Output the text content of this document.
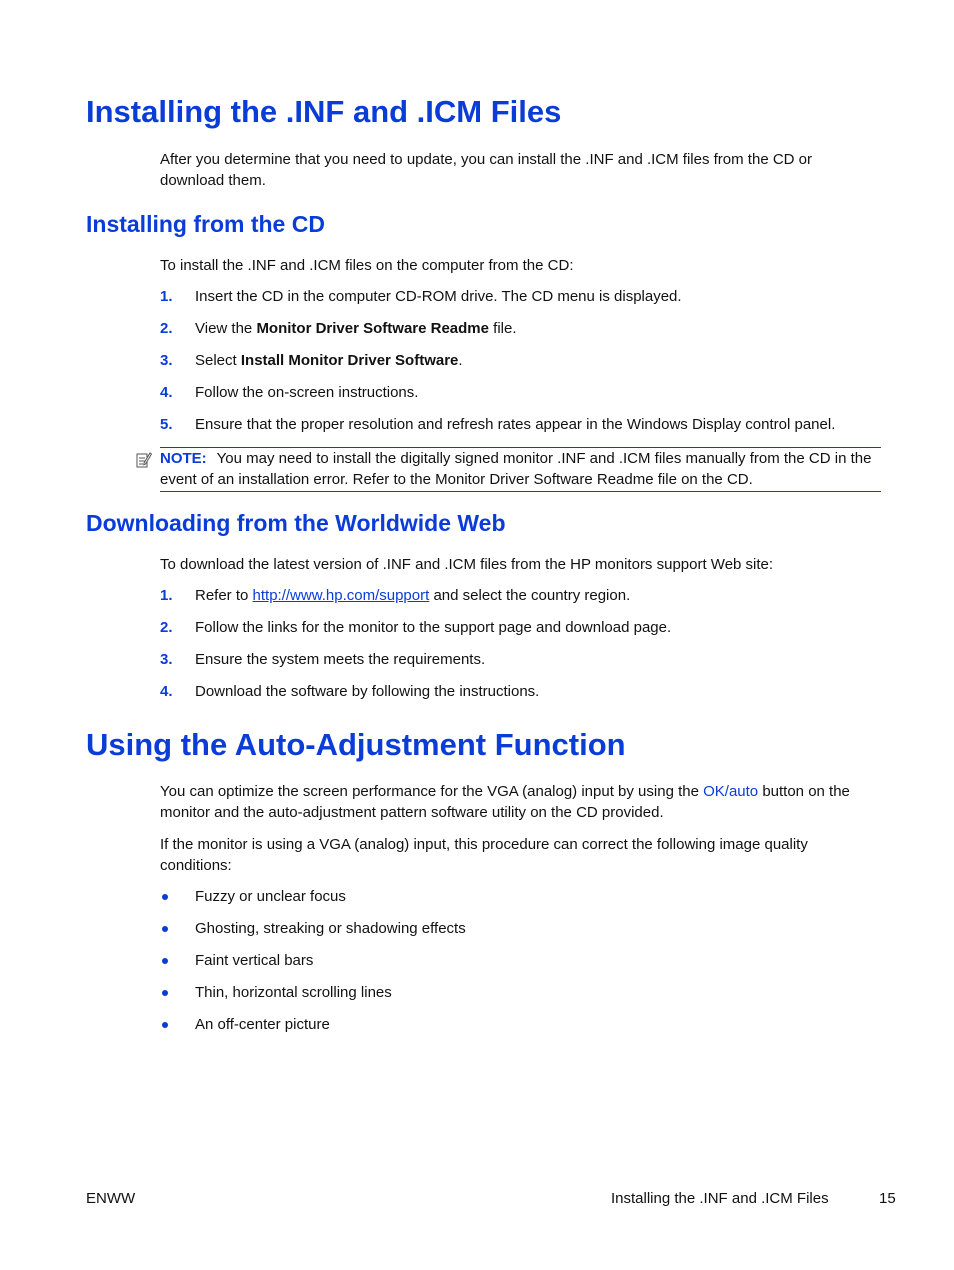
Installing the .INF and .ICM Files

After you determine that you need to update, you can install the .INF and .ICM files from the CD or download them.

Installing from the CD

To install the .INF and .ICM files on the computer from the CD:

1. Insert the CD in the computer CD-ROM drive. The CD menu is displayed.
2. View the Monitor Driver Software Readme file.
3. Select Install Monitor Driver Software.
4. Follow the on-screen instructions.
5. Ensure that the proper resolution and refresh rates appear in the Windows Display control panel.
NOTE: You may need to install the digitally signed monitor .INF and .ICM files manually from the CD in the event of an installation error. Refer to the Monitor Driver Software Readme file on the CD.
Downloading from the Worldwide Web

To download the latest version of .INF and .ICM files from the HP monitors support Web site:

1. Refer to http://www.hp.com/support and select the country region.
2. Follow the links for the monitor to the support page and download page.
3. Ensure the system meets the requirements.
4. Download the software by following the instructions.
Using the Auto-Adjustment Function

You can optimize the screen performance for the VGA (analog) input by using the OK/auto button on the monitor and the auto-adjustment pattern software utility on the CD provided.

If the monitor is using a VGA (analog) input, this procedure can correct the following image quality conditions:

Fuzzy or unclear focus
Ghosting, streaking or shadowing effects
Faint vertical bars
Thin, horizontal scrolling lines
An off-center picture
ENWW	Installing the .INF and .ICM Files	15
